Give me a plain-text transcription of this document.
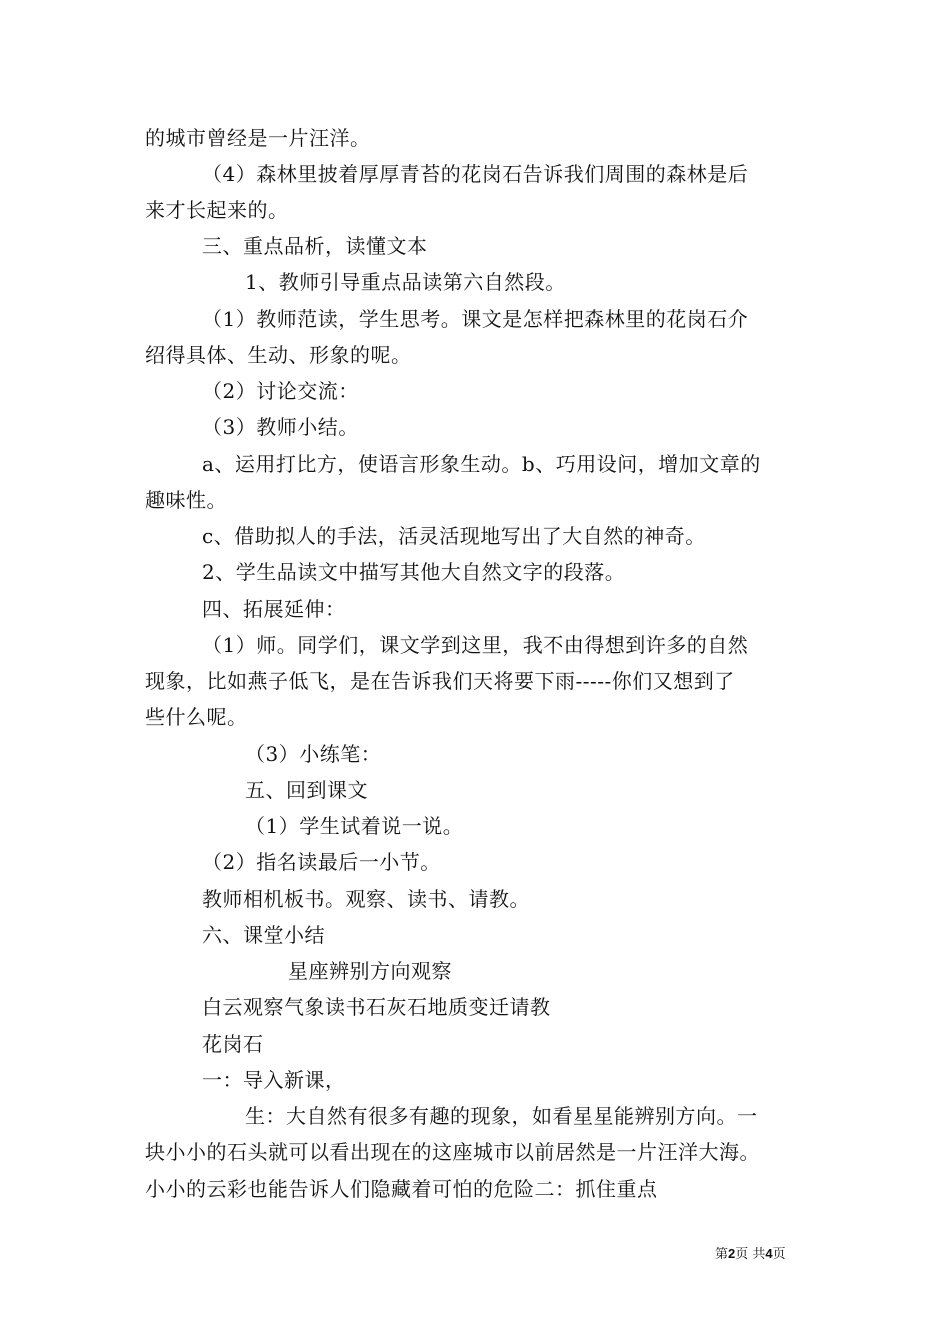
的城市曾经是一片汪洋。
（4）森林里披着厚厚青苔的花岗石告诉我们周围的森林是后
来才长起来的。
三、重点品析，读懂文本
1、教师引导重点品读第六自然段。
（1）教师范读，学生思考。课文是怎样把森林里的花岗石介
绍得具体、生动、形象的呢。
（2）讨论交流：
（3）教师小结。
a、运用打比方，使语言形象生动。b、巧用设问，增加文章的
趣味性。
c、借助拟人的手法，活灵活现地写出了大自然的神奇。
2、学生品读文中描写其他大自然文字的段落。
四、拓展延伸：
（1）师。同学们，课文学到这里，我不由得想到许多的自然
现象，比如燕子低飞，是在告诉我们天将要下雨-----你们又想到了
些什么呢。
（3）小练笔：
五、回到课文
（1）学生试着说一说。
（2）指名读最后一小节。
教师相机板书。观察、读书、请教。
六、课堂小结
星座辨别方向观察
白云观察气象读书石灰石地质变迁请教
花岗石
一：导入新课，
生：大自然有很多有趣的现象，如看星星能辨别方向。一
块小小的石头就可以看出现在的这座城市以前居然是一片汪洋大海。
小小的云彩也能告诉人们隐藏着可怕的危险二：抓住重点
第2页 共4页
